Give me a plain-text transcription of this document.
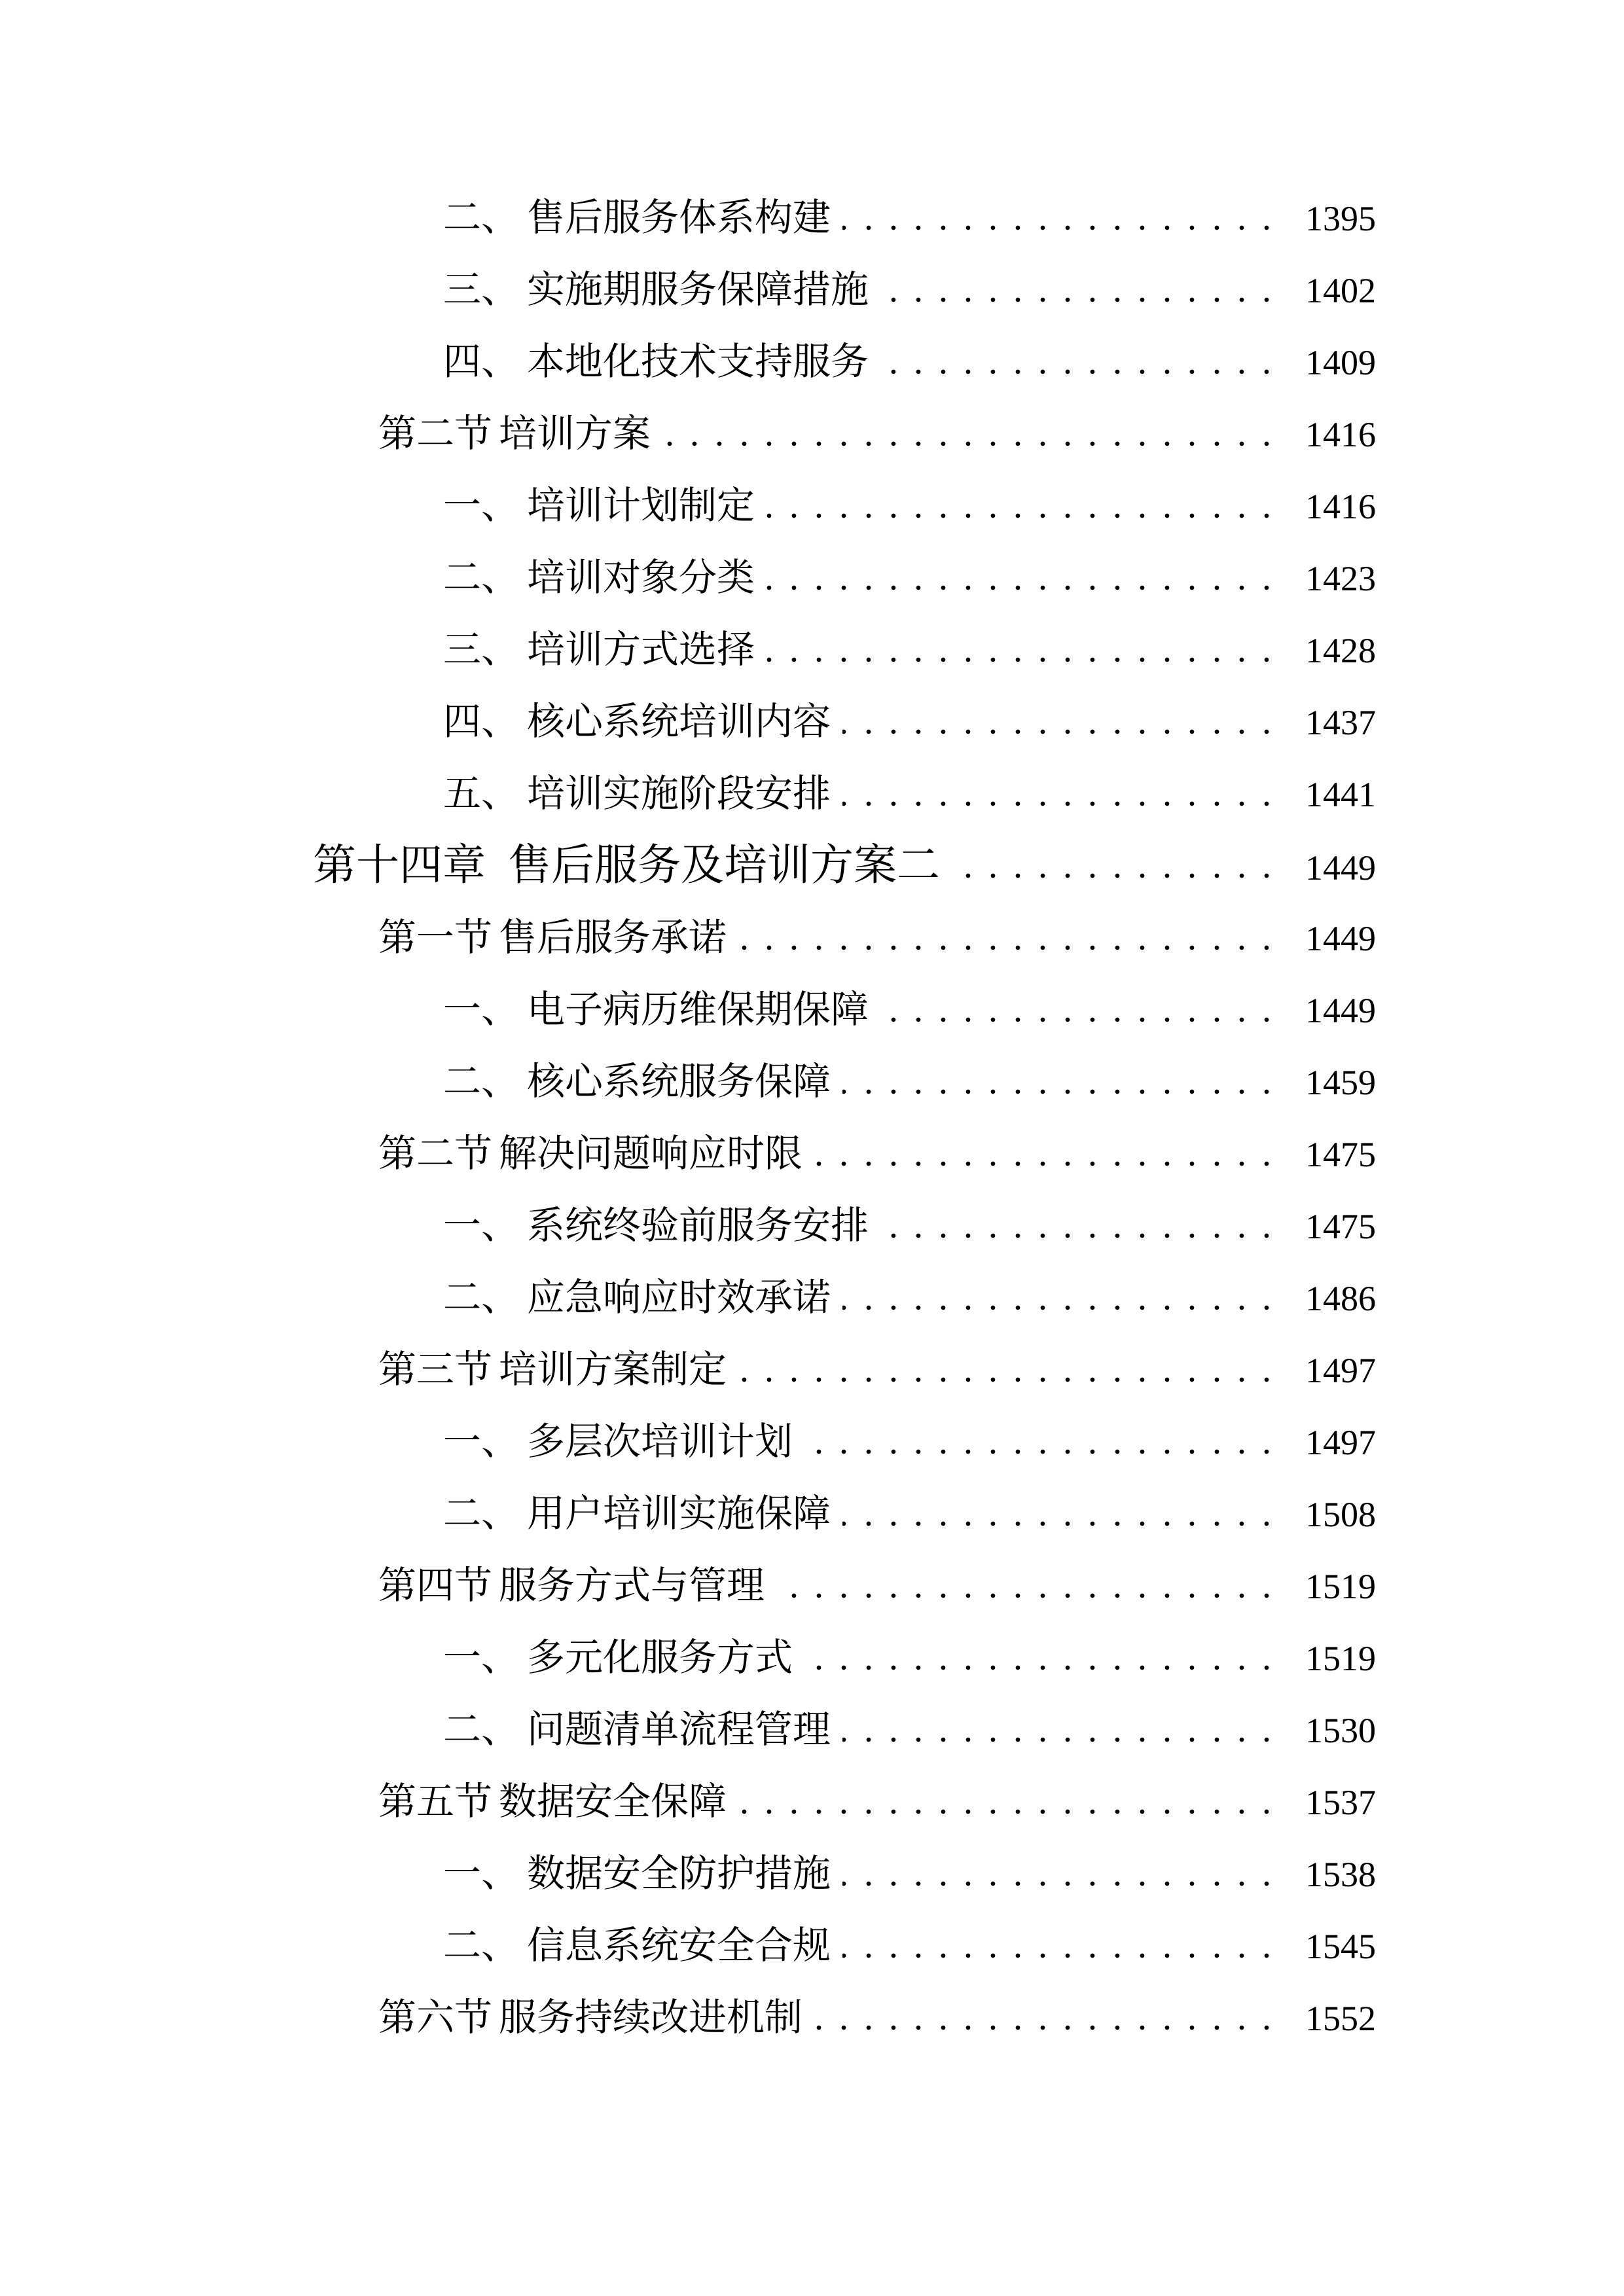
二、 售后服务体系构建	1395
三、 实施期服务保障措施	1402
四、 本地化技术支持服务	1409
第二节 培训方案	1416
一、 培训计划制定	1416
二、 培训对象分类	1423
三、 培训方式选择	1428
四、 核心系统培训内容	1437
五、 培训实施阶段安排	1441
第十四章 售后服务及培训方案二	1449
第一节 售后服务承诺	1449
一、 电子病历维保期保障	1449
二、 核心系统服务保障	1459
第二节 解决问题响应时限	1475
一、 系统终验前服务安排	1475
二、 应急响应时效承诺	1486
第三节 培训方案制定	1497
一、 多层次培训计划	1497
二、 用户培训实施保障	1508
第四节 服务方式与管理	1519
一、 多元化服务方式	1519
二、 问题清单流程管理	1530
第五节 数据安全保障	1537
一、 数据安全防护措施	1538
二、 信息系统安全合规	1545
第六节 服务持续改进机制	1552
